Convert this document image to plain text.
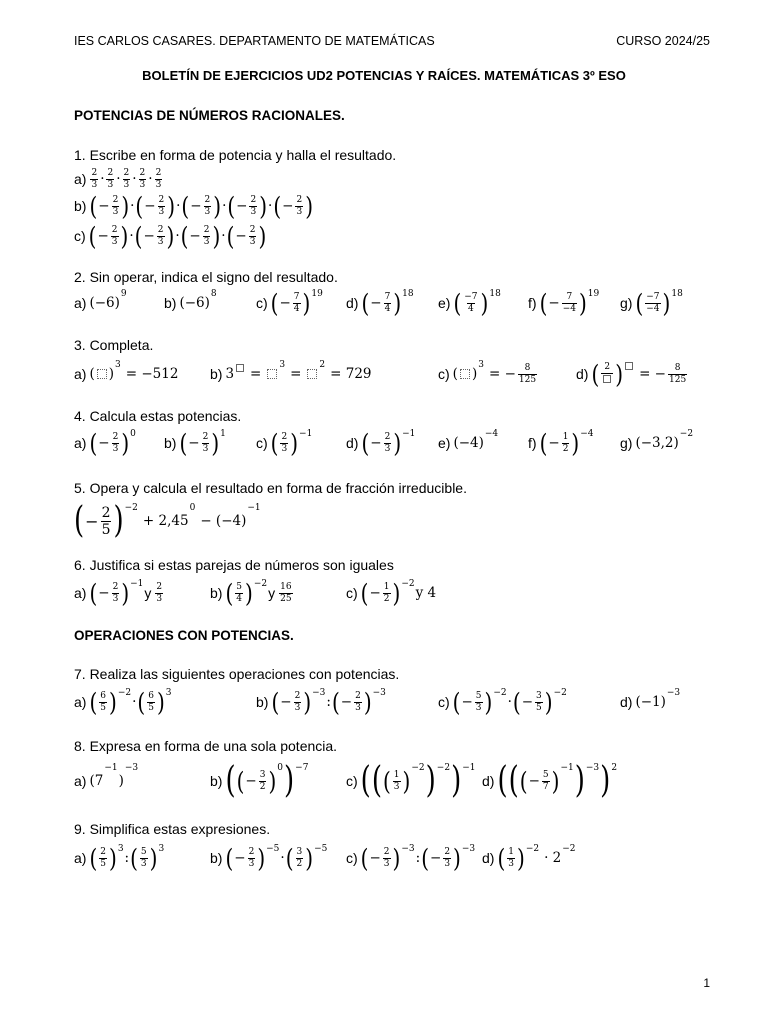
IES CARLOS CASARES. DEPARTAMENTO DE MATEMÁTICAS	CURSO 2024/25
BOLETÍN DE EJERCICIOS UD2 POTENCIAS Y RAÍCES. MATEMÁTICAS 3º ESO
POTENCIAS DE NÚMEROS RACIONALES.
1. Escribe en forma de potencia y halla el resultado.
$a) \frac{2}{3} \cdot \frac{2}{3} \cdot \frac{2}{3} \cdot \frac{2}{3} \cdot \frac{2}{3}$
b) ( − $\frac{2}{3}$ ) · ( − $\frac{2}{3}$ ) · ( − $\frac{2}{3}$ ) · ( − $\frac{2}{3}$ ) · ( − $\frac{2}{3}$ )
c) ( − $\frac{2}{3}$ ) · ( − $\frac{2}{3}$ ) · ( − $\frac{2}{3}$ ) · ( − $\frac{2}{3}$ )
2. Sin operar, indica el signo del resultado.
a) (−6)
9
b) (−6)
8
c) ( − $\frac{7}{4}$ ) 19
d) ( − $\frac{7}{4}$ ) 18
e) ( $\frac{-7}{4}$ ) 18
f) ( − $\frac{7}{-4}$ ) 19
g) ( $\frac{-7}{-4}$ ) 18
3. Completa.
a) ( )
3
= −512 b) 3 =
3
=
2
= 729	c) ( )
3
= − $\frac{8}{125}$	d) ( 2 ) = − $\frac{8}{125}$
4. Calcula estas potencias.
a) ( − $\frac{2}{3}$ ) 0
b) ( − $\frac{2}{3}$ ) 1
c) ( $\frac{2}{3}$ ) −1
d) ( − $\frac{2}{3}$ ) −1
e) (−4)
−4
f) ( − $\frac{1}{2}$ ) −4
g) (−3,2)
−2
5. Opera y calcula el resultado en forma de fracción irreducible.
( − $\frac{2}{5}$ ) −2
+ 2,45
0
− (−4)
−1
6. Justifica si estas parejas de números son iguales
a) ( − $\frac{2}{3}$ ) −1
y $\frac{2}{3}$	b) ( $\frac{5}{4}$ ) −2
y $\frac{16}{25}$	c) ( − $\frac{1}{2}$ ) −2
y 4
OPERACIONES CON POTENCIAS.
7. Realiza las siguientes operaciones con potencias.
a) ( $\frac{6}{5}$ ) −2
· ( $\frac{6}{5}$ ) 3
b) ( − $\frac{2}{3}$ ) −3
: ( − $\frac{2}{3}$ ) −3
c) ( − $\frac{5}{3}$ ) −2
· ( − $\frac{3}{5}$ ) −2
d) (−1)
−3
8. Expresa en forma de una sola potencia.
a) (7
−1
)
−3
b) ( ( − $\frac{3}{2}$ ) 0 ) −7
c) ( ( ( $\frac{1}{3}$ ) −2 ) −2 ) −1
d) ( ( ( − $\frac{5}{7}$ ) −1 ) −3 ) 2
9. Simplifica estas expresiones.
a) ( $\frac{2}{5}$ ) 3
: ( $\frac{5}{3}$ ) 3
b) ( − $\frac{2}{3}$ ) −5
· ( $\frac{3}{2}$ ) −5
c) ( − $\frac{2}{3}$ ) −3
: ( − $\frac{2}{3}$ ) −3
d) ( $\frac{1}{3}$ ) −2
· 2
−2
1
